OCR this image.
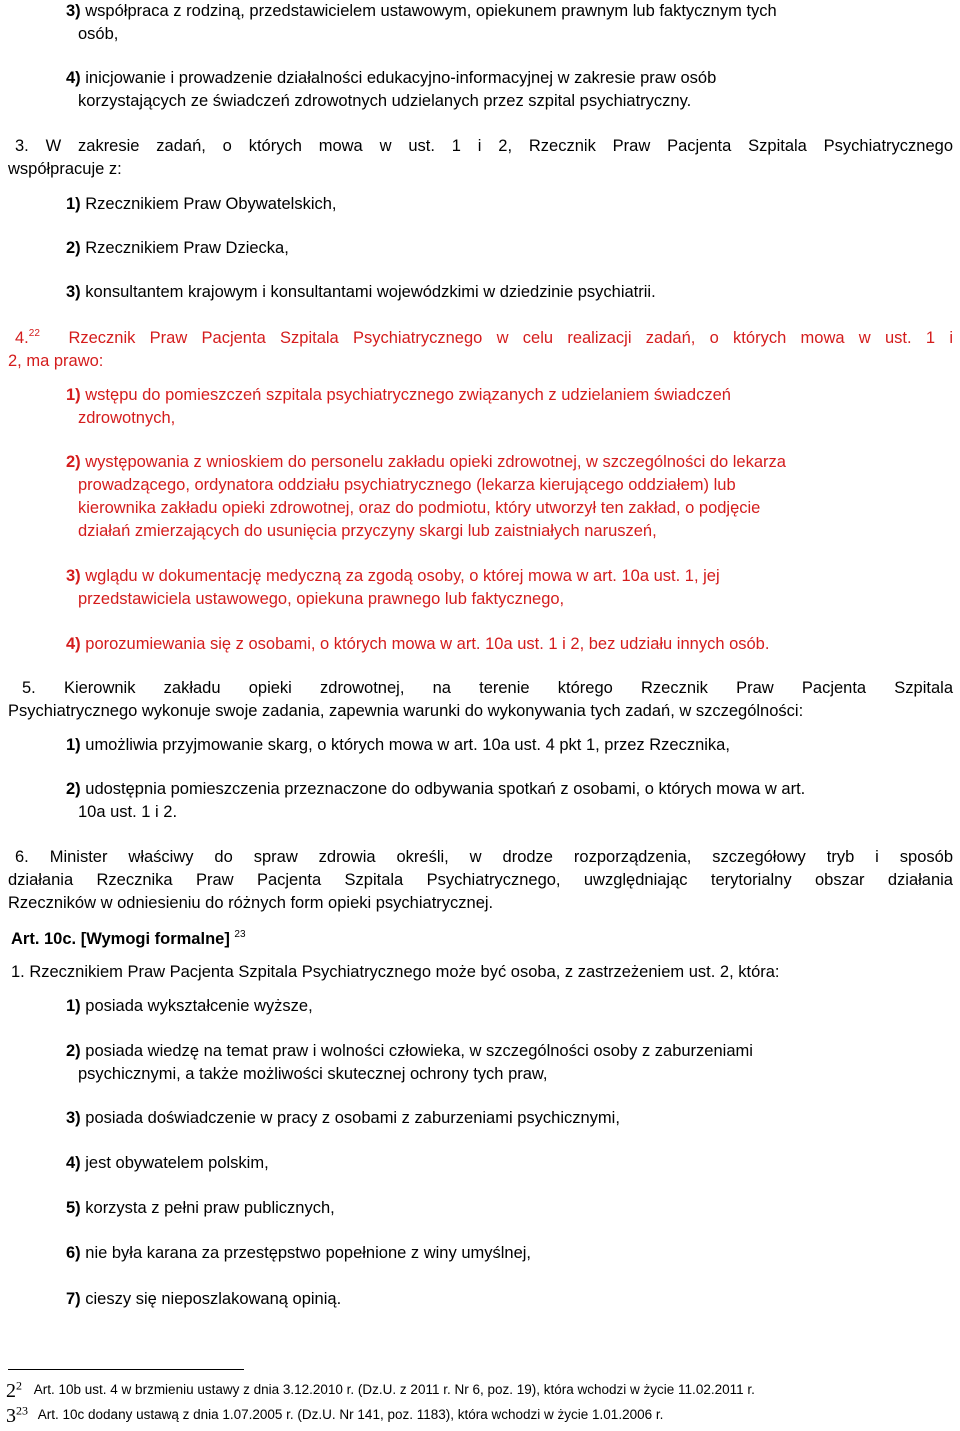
3) współpraca z rodziną, przedstawicielem ustawowym, opiekunem prawnym lub faktycznym tych
osób,
4) inicjowanie i prowadzenie działalności edukacyjno-informacyjnej w zakresie praw osób
korzystających ze świadczeń zdrowotnych udzielanych przez szpital psychiatryczny.
3. W zakresie zadań, o których mowa w ust. 1 i 2, Rzecznik Praw Pacjenta Szpitala Psychiatrycznego
współpracuje z:
1) Rzecznikiem Praw Obywatelskich,
2) Rzecznikiem Praw Dziecka,
3) konsultantem krajowym i konsultantami wojewódzkimi w dziedzinie psychiatrii.
4.22 Rzecznik Praw Pacjenta Szpitala Psychiatrycznego w celu realizacji zadań, o których mowa w ust. 1 i
2, ma prawo:
1) wstępu do pomieszczeń szpitala psychiatrycznego związanych z udzielaniem świadczeń
zdrowotnych,
2) występowania z wnioskiem do personelu zakładu opieki zdrowotnej, w szczególności do lekarza
prowadzącego, ordynatora oddziału psychiatrycznego (lekarza kierującego oddziałem) lub
kierownika zakładu opieki zdrowotnej, oraz do podmiotu, który utworzył ten zakład, o podjęcie
działań zmierzających do usunięcia przyczyny skargi lub zaistniałych naruszeń,
3) wglądu w dokumentację medyczną za zgodą osoby, o której mowa w art. 10a ust. 1, jej
przedstawiciela ustawowego, opiekuna prawnego lub faktycznego,
4) porozumiewania się z osobami, o których mowa w art. 10a ust. 1 i 2, bez udziału innych osób.
5. Kierownik zakładu opieki zdrowotnej, na terenie którego Rzecznik Praw Pacjenta Szpitala
Psychiatrycznego wykonuje swoje zadania, zapewnia warunki do wykonywania tych zadań, w szczególności:
1) umożliwia przyjmowanie skarg, o których mowa w art. 10a ust. 4 pkt 1, przez Rzecznika,
2) udostępnia pomieszczenia przeznaczone do odbywania spotkań z osobami, o których mowa w art.
10a ust. 1 i 2.
6. Minister właściwy do spraw zdrowia określi, w drodze rozporządzenia, szczegółowy tryb i sposób
działania Rzecznika Praw Pacjenta Szpitala Psychiatrycznego, uwzględniając terytorialny obszar działania
Rzeczników w odniesieniu do różnych form opieki psychiatrycznej.
Art. 10c. [Wymogi formalne] $^{23}$
1. Rzecznikiem Praw Pacjenta Szpitala Psychiatrycznego może być osoba, z zastrzeżeniem ust. 2, która:
1) posiada wykształcenie wyższe,
2) posiada wiedzę na temat praw i wolności człowieka, w szczególności osoby z zaburzeniami
psychicznymi, a także możliwości skutecznej ochrony tych praw,
3) posiada doświadczenie w pracy z osobami z zaburzeniami psychicznymi,
4) jest obywatelem polskim,
5) korzysta z pełni praw publicznych,
6) nie była karana za przestępstwo popełnione z winy umyślnej,
7) cieszy się nieposzlakowaną opinią.
$2^2$ Art. 10b ust. 4 w brzmieniu ustawy z dnia 3.12.2010 r. (Dz.U. z 2011 r. Nr 6, poz. 19), która wchodzi w życie 11.02.2011 r.
$3^{23}$ Art. 10c dodany ustawą z dnia 1.07.2005 r. (Dz.U. Nr 141, poz. 1183), która wchodzi w życie 1.01.2006 r.
